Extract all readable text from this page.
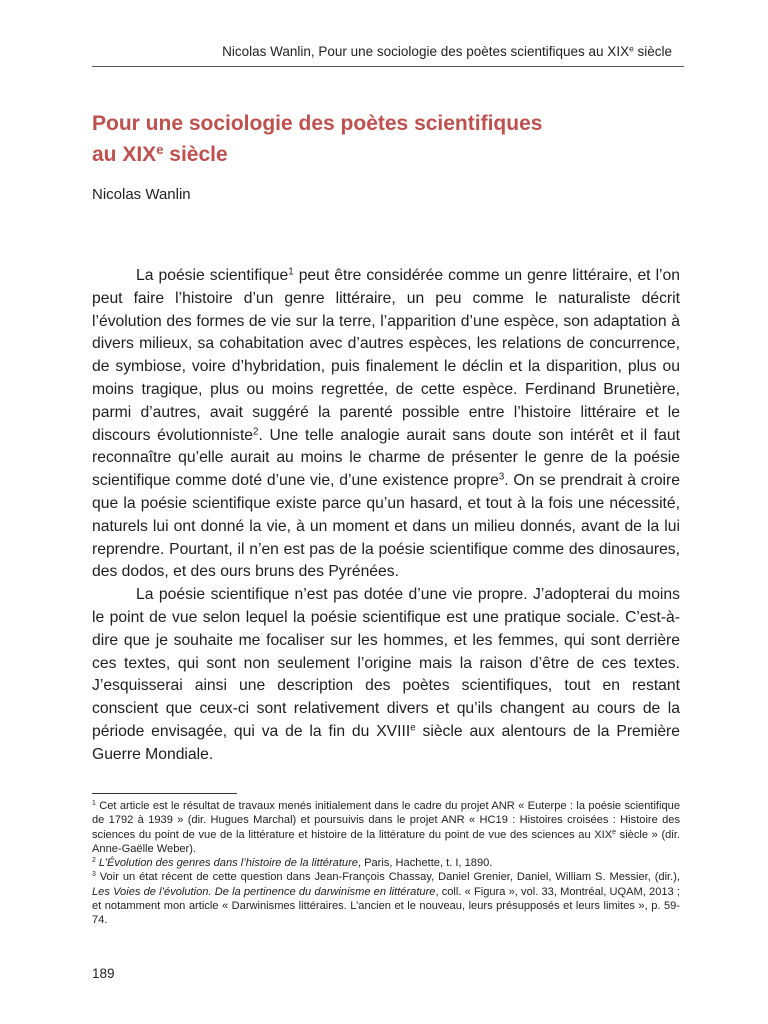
Nicolas Wanlin, Pour une sociologie des poètes scientifiques au XIXe siècle
Pour une sociologie des poètes scientifiques
au XIXe siècle
Nicolas Wanlin

La poésie scientifique$^1$ peut être considérée comme un genre littéraire, et l’on peut faire l’histoire d’un genre littéraire, un peu comme le naturaliste décrit l’évolution des formes de vie sur la terre, l’apparition d’une espèce, son adaptation à divers milieux, sa cohabitation avec d’autres espèces, les relations de concurrence, de symbiose, voire d’hybridation, puis finalement le déclin et la disparition, plus ou moins tragique, plus ou moins regrettée, de cette espèce. Ferdinand Brunetière, parmi d’autres, avait suggéré la parenté possible entre l’histoire littéraire et le discours évolutionniste$^2$. Une telle analogie aurait sans doute son intérêt et il faut reconnaître qu’elle aurait au moins le charme de présenter le genre de la poésie scientifique comme doté d’une vie, d’une existence propre$^3$. On se prendrait à croire que la poésie scientifique existe parce qu’un hasard, et tout à la fois une nécessité, naturels lui ont donné la vie, à un moment et dans un milieu donnés, avant de la lui reprendre. Pourtant, il n’en est pas de la poésie scientifique comme des dinosaures, des dodos, et des ours bruns des Pyrénées.

La poésie scientifique n’est pas dotée d’une vie propre. J’adopterai du moins le point de vue selon lequel la poésie scientifique est une pratique sociale. C’est-à-dire que je souhaite me focaliser sur les hommes, et les femmes, qui sont derrière ces textes, qui sont non seulement l’origine mais la raison d’être de ces textes. J’esquisserai ainsi une description des poètes scientifiques, tout en restant conscient que ceux-ci sont relativement divers et qu’ils changent au cours de la période envisagée, qui va de la fin du XVIIIe siècle aux alentours de la Première Guerre Mondiale.

$^1$ Cet article est le résultat de travaux menés initialement dans le cadre du projet ANR « Euterpe : la poésie scientifique de 1792 à 1939 » (dir. Hugues Marchal) et poursuivis dans le projet ANR « HC19 : Histoires croisées : Histoire des sciences du point de vue de la littérature et histoire de la littérature du point de vue des sciences au XIXe siècle » (dir. Anne-Gaëlle Weber).

$^2$ L’Évolution des genres dans l’histoire de la littérature, Paris, Hachette, t. I, 1890.

$^3$ Voir un état récent de cette question dans Jean-François Chassay, Daniel Grenier, Daniel, William S. Messier, (dir.), Les Voies de l’évolution. De la pertinence du darwinisme en littérature, coll. « Figura », vol. 33, Montréal, UQAM, 2013 ; et notamment mon article « Darwinismes littéraires. L’ancien et le nouveau, leurs présupposés et leurs limites », p. 59-74.

189
